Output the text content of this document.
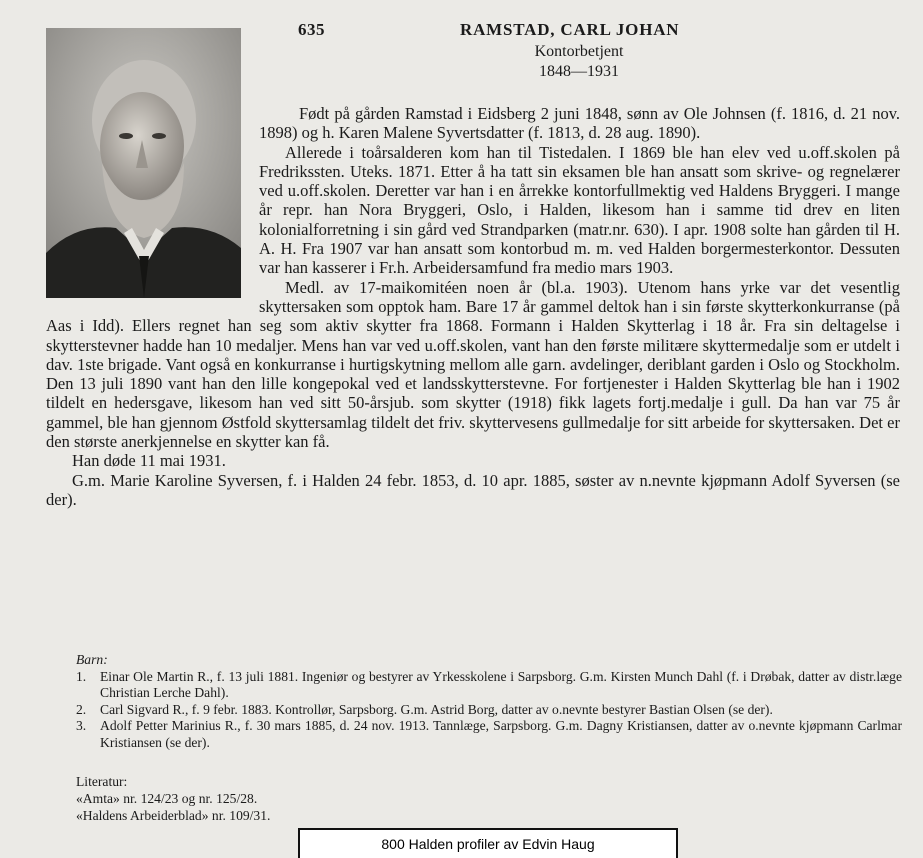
635	RAMSTAD, CARL JOHAN
Kontorbetjent
1848—1931

Født på gården Ramstad i Eidsberg 2 juni 1848, sønn av Ole Johnsen (f. 1816, d. 21 nov. 1898) og h. Karen Malene Syvertsdatter (f. 1813, d. 28 aug. 1890).

Allerede i toårsalderen kom han til Tistedalen. I 1869 ble han elev ved u.off.skolen på Fredrikssten. Uteks. 1871. Etter å ha tatt sin eksamen ble han ansatt som skrive- og regnelærer ved u.off.skolen. Deretter var han i en årrekke kontorfullmektig ved Haldens Bryggeri. I mange år repr. han Nora Bryggeri, Oslo, i Halden, likesom han i samme tid drev en liten kolonialforretning i sin gård ved Strandparken (matr.nr. 630). I apr. 1908 solte han gården til H. A. H. Fra 1907 var han ansatt som kontorbud m. m. ved Halden borgermesterkontor. Dessuten var han kasserer i Fr.h. Arbeidersamfund fra medio mars 1903.

Medl. av 17-maikomitéen noen år (bl.a. 1903). Utenom hans yrke var det vesentlig skyttersaken som opptok ham. Bare 17 år gammel deltok han i sin første skytterkonkurranse (på Aas i Idd). Ellers regnet han seg som aktiv skytter fra 1868. Formann i Halden Skytterlag i 18 år. Fra sin deltagelse i skytterstevner hadde han 10 medaljer. Mens han var ved u.off.skolen, vant han den første militære skyttermedalje som er utdelt i dav. 1ste brigade. Vant også en konkurranse i hurtigskytning mellom alle garn. avdelinger, deriblant garden i Oslo og Stockholm. Den 13 juli 1890 vant han den lille kongepokal ved et landsskytterstevne. For fortjenester i Halden Skytterlag ble han i 1902 tildelt en hedersgave, likesom han ved sitt 50-årsjub. som skytter (1918) fikk lagets fortj.medalje i gull. Da han var 75 år gammel, ble han gjennom Østfold skyttersamlag tildelt det friv. skyttervesens gullmedalje for sitt arbeide for skyttersaken. Det er den største anerkjennelse en skytter kan få.

Han døde 11 mai 1931.

G.m. Marie Karoline Syversen, f. i Halden 24 febr. 1853, d. 10 apr. 1885, søster av n.nevnte kjøpmann Adolf Syversen (se der).

Barn:
1.	Einar Ole Martin R., f. 13 juli 1881. Ingeniør og bestyrer av Yrkesskolene i Sarpsborg. G.m. Kirsten Munch Dahl (f. i Drøbak, datter av distr.læge Christian Lerche Dahl).
2.	Carl Sigvard R., f. 9 febr. 1883. Kontrollør, Sarpsborg. G.m. Astrid Borg, datter av o.nevnte bestyrer Bastian Olsen (se der).
3.	Adolf Petter Marinius R., f. 30 mars 1885, d. 24 nov. 1913. Tannlæge, Sarpsborg. G.m. Dagny Kristiansen, datter av o.nevnte kjøpmann Carlmar Kristiansen (se der).
Literatur:
«Amta» nr. 124/23 og nr. 125/28.
«Haldens Arbeiderblad» nr. 109/31.
800 Halden profiler av Edvin Haug
